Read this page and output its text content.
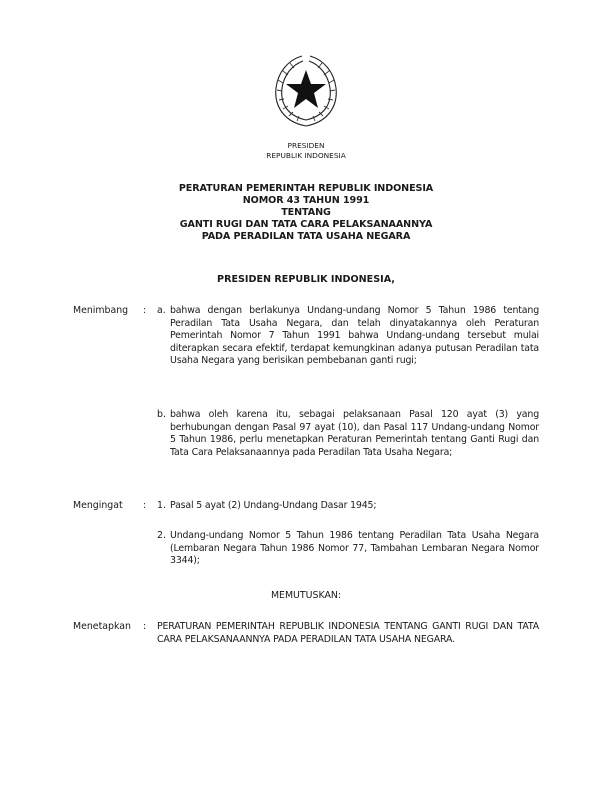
PRESIDEN
REPUBLIK INDONESIA
PERATURAN PEMERINTAH REPUBLIK INDONESIA
NOMOR 43 TAHUN 1991
TENTANG
GANTI RUGI DAN TATA CARA PELAKSANAANNYA
PADA PERADILAN TATA USAHA NEGARA
PRESIDEN REPUBLIK INDONESIA,
Menimbang : a. bahwa dengan berlakunya Undang-undang Nomor 5 Tahun 1986 tentang Peradilan Tata Usaha Negara, dan telah dinyatakannya oleh Peraturan Pemerintah Nomor 7 Tahun 1991 bahwa Undang-undang tersebut mulai diterapkan secara efektif, terdapat kemungkinan adanya putusan Peradilan tata Usaha Negara yang berisikan pembebanan ganti rugi;
b. bahwa oleh karena itu, sebagai pelaksanaan Pasal 120 ayat (3) yang berhubungan dengan Pasal 97 ayat (10), dan Pasal 117 Undang-undang Nomor 5 Tahun 1986, perlu menetapkan Peraturan Pemerintah tentang Ganti Rugi dan Tata Cara Pelaksanaannya pada Peradilan Tata Usaha Negara;
Mengingat : 1. Pasal 5 ayat (2) Undang-Undang Dasar 1945;
2. Undang-undang Nomor 5 Tahun 1986 tentang Peradilan Tata Usaha Negara (Lembaran Negara Tahun 1986 Nomor 77, Tambahan Lembaran Negara Nomor 3344);
MEMUTUSKAN:
Menetapkan : PERATURAN PEMERINTAH REPUBLIK INDONESIA TENTANG GANTI RUGI DAN TATA CARA PELAKSANAANNYA PADA PERADILAN TATA USAHA NEGARA.
